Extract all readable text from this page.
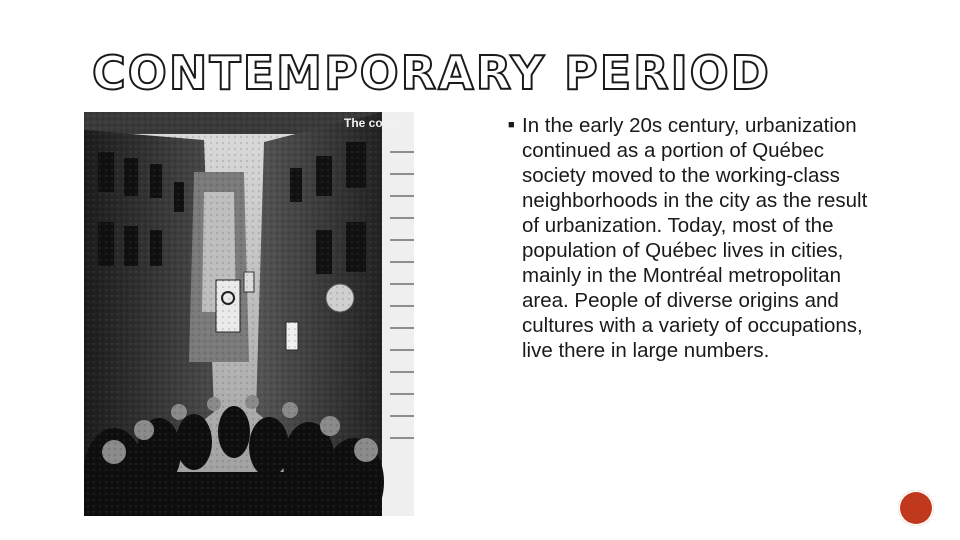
CONTEMPORARY PERIOD
The conte	■ In the early 20s century, urbanization continued as a portion of Québec society moved to the working-class neighborhoods in the city as the result of urbanization. Today, most of the population of Québec lives in cities, mainly in the Montréal metropolitan area. People of diverse origins and cultures with a variety of occupations, live there in large numbers.
